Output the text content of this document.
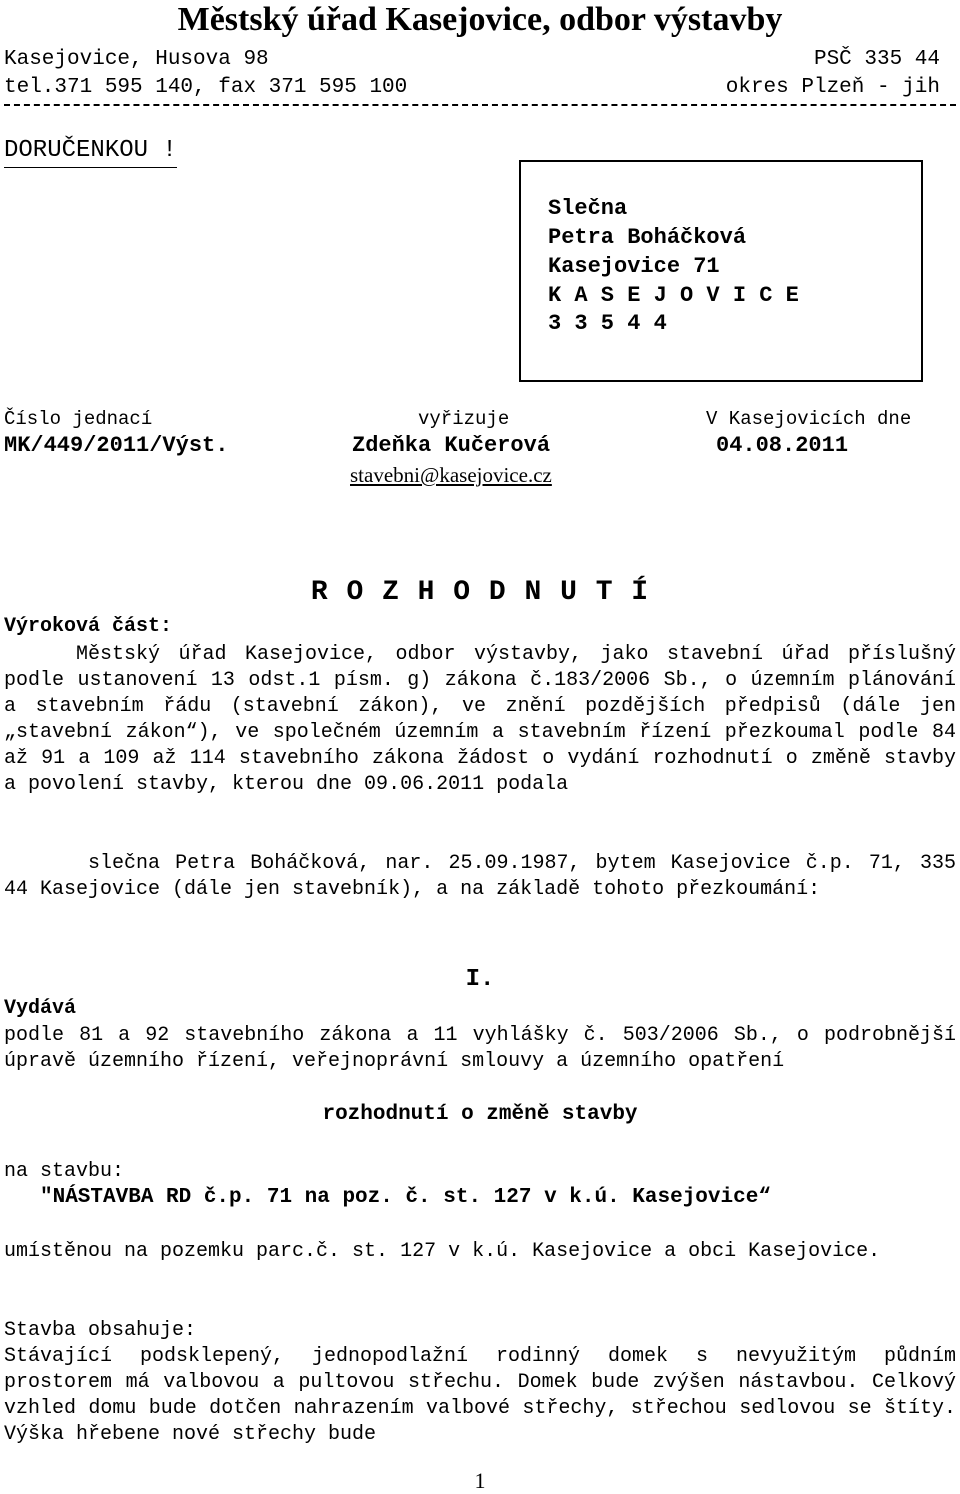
Městský úřad Kasejovice, odbor výstavby
Kasejovice, Husova 98	PSČ 335 44
tel.371 595 140, fax 371 595 100	okres Plzeň - jih
DORUČENKOU !
Slečna
Petra Boháčková
Kasejovice 71
K A S E J O V I C E
3 3 5 4 4
Číslo jednací	vyřizuje	V Kasejovicích dne
MK/449/2011/Výst.	Zdeňka Kučerová	04.08.2011
stavebni@kasejovice.cz
R O Z H O D N U T Í
Výroková část:
Městský úřad Kasejovice, odbor výstavby, jako stavební úřad příslušný podle ustanovení 13 odst.1 písm. g) zákona č.183/2006 Sb., o územním plánování a stavebním řádu (stavební zákon), ve znění pozdějších předpisů (dále jen „stavební zákon“), ve společném územním a stavebním řízení přezkoumal podle 84 až 91 a 109 až 114 stavebního zákona žádost o vydání rozhodnutí o změně stavby a povolení stavby, kterou dne 09.06.2011 podala
slečna Petra Boháčková, nar. 25.09.1987, bytem Kasejovice č.p. 71, 335 44 Kasejovice (dále jen stavebník), a na základě tohoto přezkoumání:
I.
Vydává
podle 81 a 92 stavebního zákona a 11 vyhlášky č. 503/2006 Sb., o podrobnější úpravě územního řízení, veřejnoprávní smlouvy a územního opatření
rozhodnutí o změně stavby
na stavbu:
"NÁSTAVBA RD č.p. 71 na poz. č. st. 127 v k.ú. Kasejovice“
umístěnou na pozemku parc.č. st. 127 v k.ú. Kasejovice a obci Kasejovice.
Stavba obsahuje:
Stávající podsklepený, jednopodlažní rodinný domek s nevyužitým půdním prostorem má valbovou a pultovou střechu. Domek bude zvýšen nástavbou. Celkový vzhled domu bude dotčen nahrazením valbové střechy, střechou sedlovou se štíty. Výška hřebene nové střechy bude
1
